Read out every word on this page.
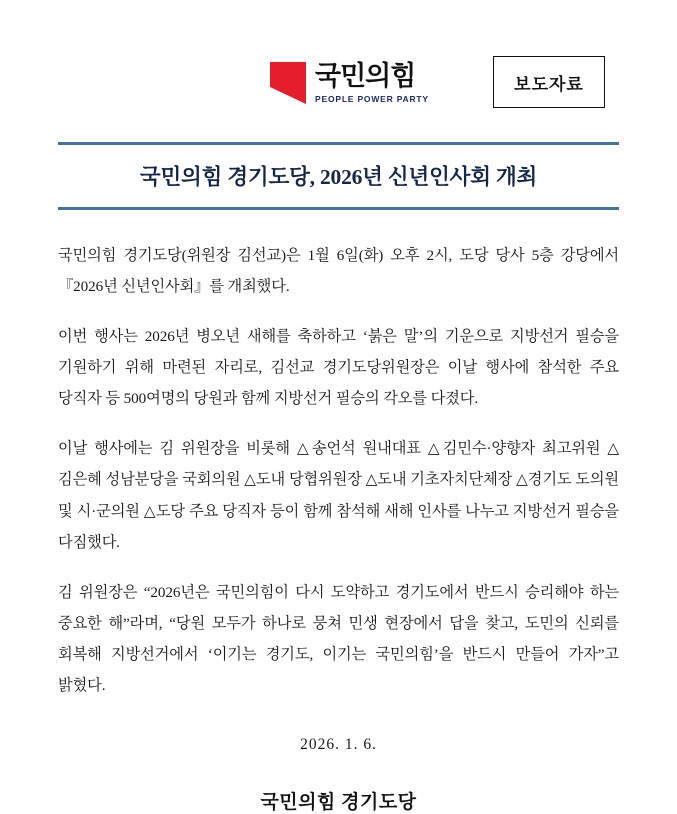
국민의힘
PEOPLE POWER PARTY
보도자료
국민의힘 경기도당, 2026년 신년인사회 개최

국민의힘 경기도당(위원장 김선교)은 1월 6일(화) 오후 2시, 도당 당사 5층 강당에서 『2026년 신년인사회』를 개최했다.

이번 행사는 2026년 병오년 새해를 축하하고 ‘붉은 말’의 기운으로 지방선거 필승을 기원하기 위해 마련된 자리로, 김선교 경기도당위원장은 이날 행사에 참석한 주요 당직자 등 500여명의 당원과 함께 지방선거 필승의 각오를 다졌다.

이날 행사에는 김 위원장을 비롯해 △송언석 원내대표 △김민수·양향자 최고위원 △김은혜 성남분당을 국회의원 △도내 당협위원장 △도내 기초자치단체장 △경기도 도의원 및 시·군의원 △도당 주요 당직자 등이 함께 참석해 새해 인사를 나누고 지방선거 필승을 다짐했다.

김 위원장은 “2026년은 국민의힘이 다시 도약하고 경기도에서 반드시 승리해야 하는 중요한 해”라며, “당원 모두가 하나로 뭉쳐 민생 현장에서 답을 찾고, 도민의 신뢰를 회복해 지방선거에서 ‘이기는 경기도, 이기는 국민의힘’을 반드시 만들어 가자”고 밝혔다.

2026. 1. 6.
국민의힘 경기도당
